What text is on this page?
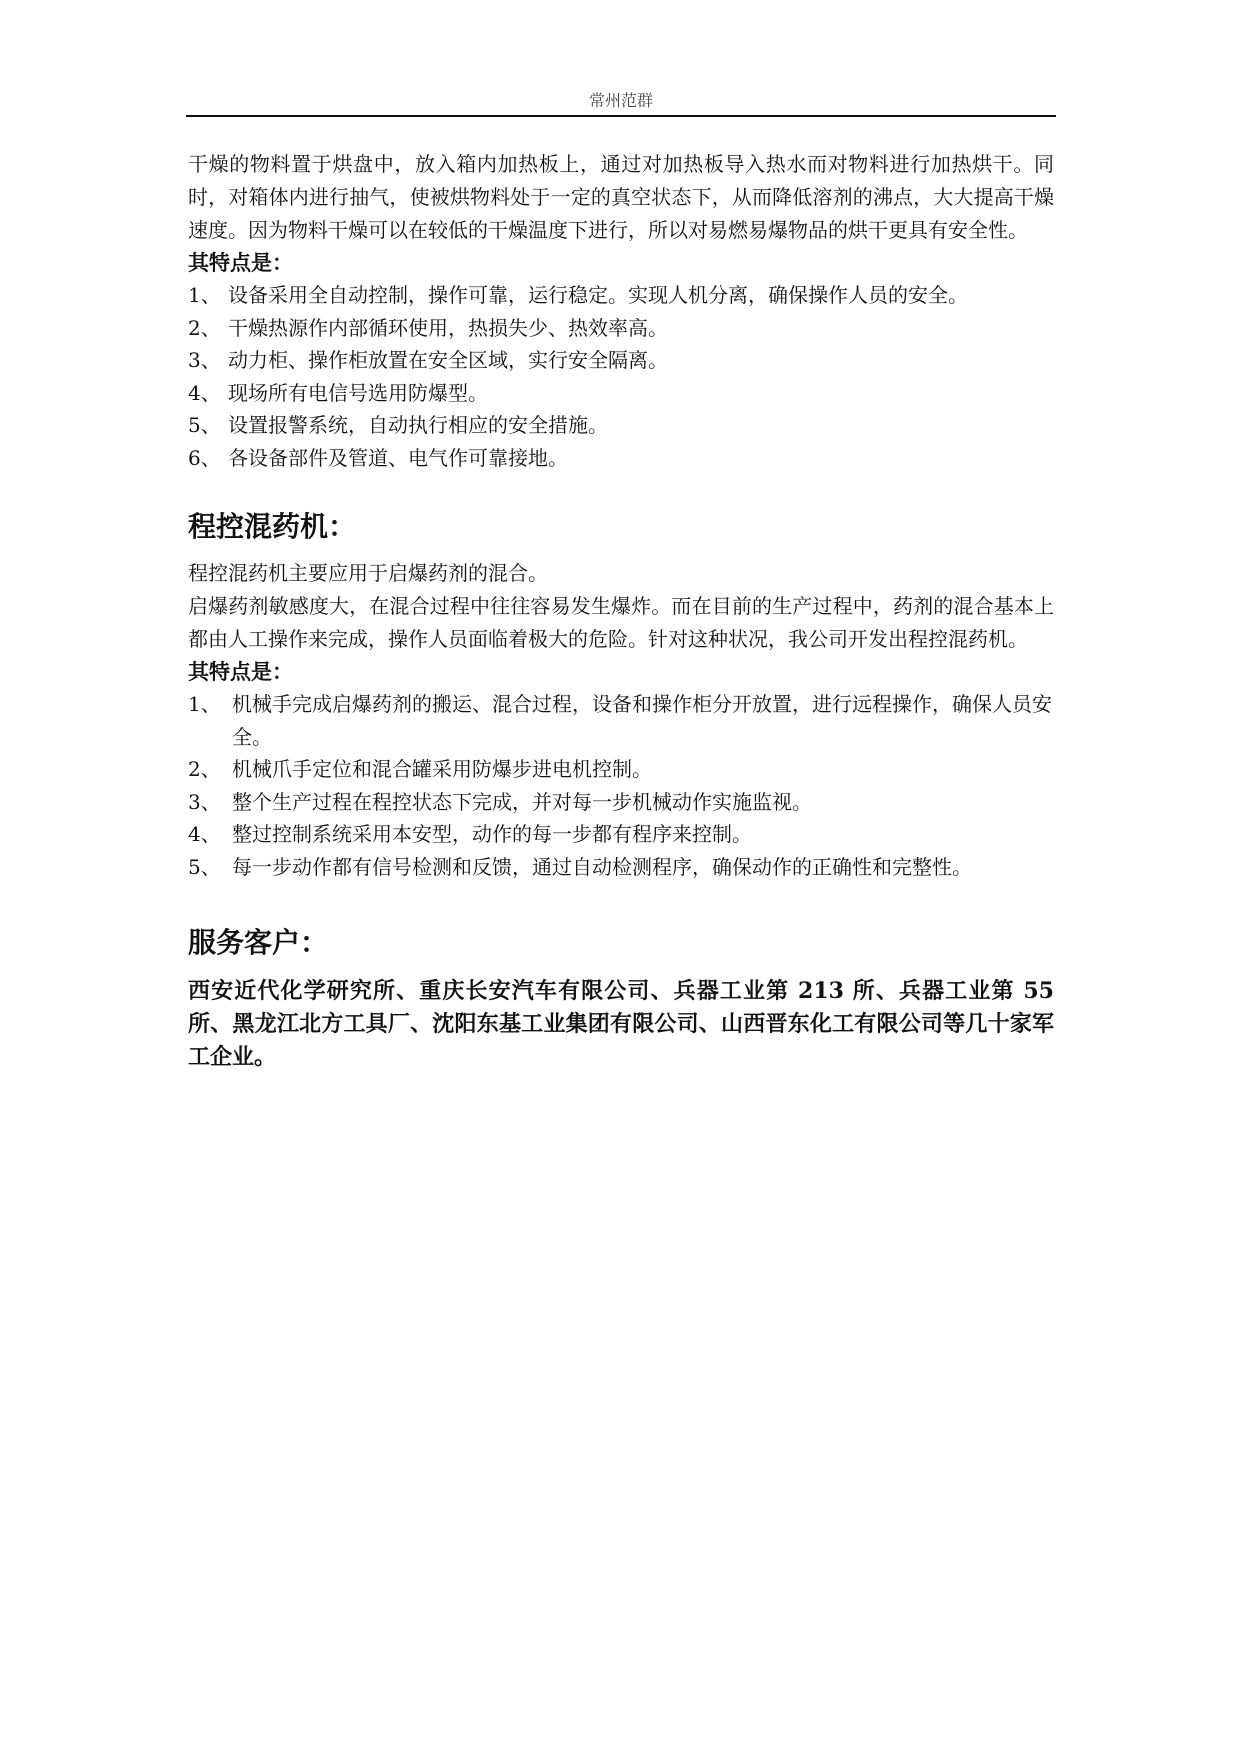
常州范群

干燥的物料置于烘盘中，放入箱内加热板上，通过对加热板导入热水而对物料进行加热烘干。同时，对箱体内进行抽气，使被烘物料处于一定的真空状态下，从而降低溶剂的沸点，大大提高干燥速度。因为物料干燥可以在较低的干燥温度下进行，所以对易燃易爆物品的烘干更具有安全性。

其特点是：

1、 设备采用全自动控制，操作可靠，运行稳定。实现人机分离，确保操作人员的安全。
2、 干燥热源作内部循环使用，热损失少、热效率高。
3、 动力柜、操作柜放置在安全区域，实行安全隔离。
4、 现场所有电信号选用防爆型。
5、 设置报警系统，自动执行相应的安全措施。
6、 各设备部件及管道、电气作可靠接地。
程控混药机：

程控混药机主要应用于启爆药剂的混合。

启爆药剂敏感度大，在混合过程中往往容易发生爆炸。而在目前的生产过程中，药剂的混合基本上都由人工操作来完成，操作人员面临着极大的危险。针对这种状况，我公司开发出程控混药机。

其特点是：

1、 机械手完成启爆药剂的搬运、混合过程，设备和操作柜分开放置，进行远程操作，确保人员安全。
2、 机械爪手定位和混合罐采用防爆步进电机控制。
3、 整个生产过程在程控状态下完成，并对每一步机械动作实施监视。
4、 整过控制系统采用本安型，动作的每一步都有程序来控制。
5、 每一步动作都有信号检测和反馈，通过自动检测程序，确保动作的正确性和完整性。
服务客户：

西安近代化学研究所、重庆长安汽车有限公司、兵器工业第 213 所、兵器工业第 55 所、黑龙江北方工具厂、沈阳东基工业集团有限公司、山西晋东化工有限公司等几十家军工企业。
